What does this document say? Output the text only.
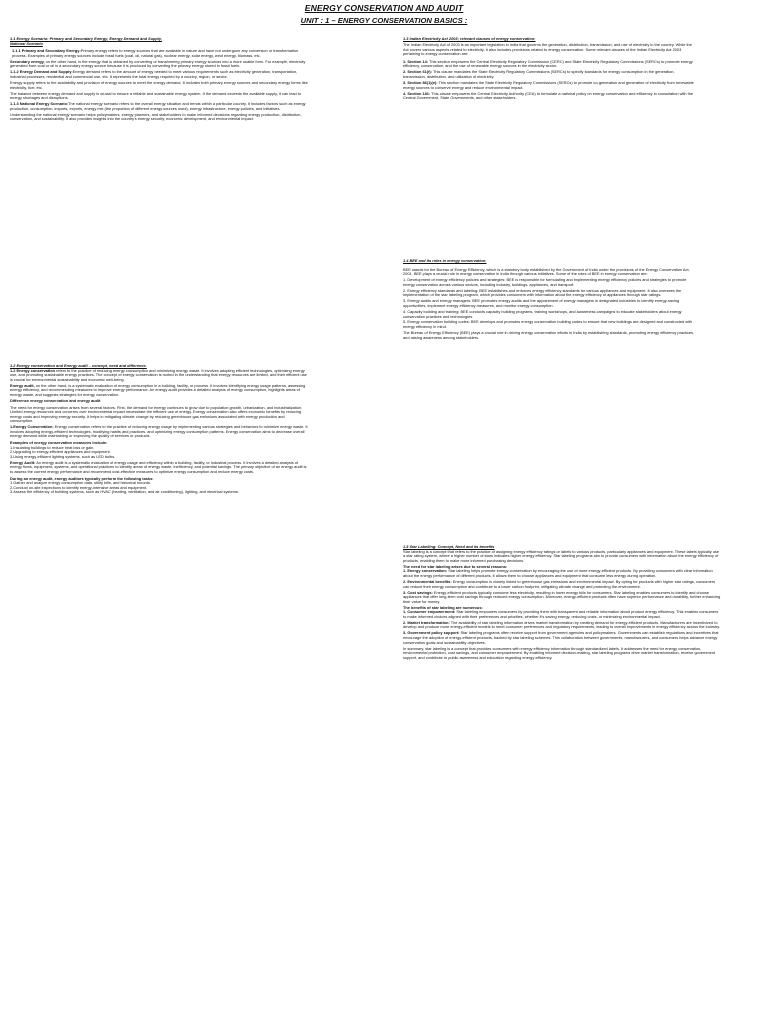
ENERGY CONSERVATION AND AUDIT
UNIT : 1 – ENERGY CONSERVATION BASICS :

1.1 Energy Scenario: Primary and Secondary Energy, Energy Demand and Supply,

National Scenario

1.1.1 Primary and Secondary Energy:Primary energy refers to energy sources that are available in nature and have not undergone any conversion or transformation process. Examples of primary energy sources include fossil fuels (coal, oil, natural gas), nuclear energy, solar energy, wind energy, biomass, etc.

Secondary energy, on the other hand, is the energy that is obtained by converting or transforming primary energy sources into a more usable form. For example, electricity generated from coal or oil is a secondary energy source because it is produced by converting the primary energy stored in fossil fuels.

1.1.2 Energy Demand and Supply:Energy demand refers to the amount of energy needed to meet various requirements such as electricity generation, transportation, industrial processes, residential and commercial use, etc. It represents the total energy required by a country, region, or sector.

Energy supply refers to the availability and provision of energy sources to meet the energy demand. It includes both primary energy sources and secondary energy forms like electricity, fuel, etc.

The balance between energy demand and supply is crucial to ensure a reliable and sustainable energy system. If the demand exceeds the available supply, it can lead to energy shortages and disruptions.

1.1.3 National Energy Scenario:The national energy scenario refers to the overall energy situation and trends within a particular country. It includes factors such as energy production, consumption, imports, exports, energy mix (the proportion of different energy sources used), energy infrastructure, energy policies, and initiatives.

Understanding the national energy scenario helps policymakers, energy planners, and stakeholders to make informed decisions regarding energy production, distribution, conservation, and sustainability. It also provides insights into the country's energy security, economic development, and environmental impact.

1.3 Indian Electricity Act 2003; relevant clauses of energy conservation:

The Indian Electricity Act of 2003 is an important legislation in India that governs the generation, distribution, transmission, and use of electricity in the country. While the Act covers various aspects related to electricity, it also includes provisions related to energy conservation. Some relevant clauses of the Indian Electricity Act 2003 pertaining to energy conservation are:

1. Section 14: This section empowers the Central Electricity Regulatory Commission (CERC) and State Electricity Regulatory Commissions (SERCs) to promote energy efficiency, conservation, and the use of renewable energy sources in the electricity sector.

2. Section 61(f): This clause mandates the State Electricity Regulatory Commissions (SERCs) to specify standards for energy consumption in the generation, transmission, distribution, and utilization of electricity.

3. Section 86(1)(e): This section mandates the State Electricity Regulatory Commissions (SERCs) to promote co-generation and generation of electricity from renewable energy sources to conserve energy and reduce environmental impact.

4. Section 181: This clause empowers the Central Electricity Authority (CEA) to formulate a national policy on energy conservation and efficiency in consultation with the Central Government, State Governments, and other stakeholders.

1.4 BEE and its roles in energy conservation:

BEE stands for the Bureau of Energy Efficiency, which is a statutory body established by the Government of India under the provisions of the Energy Conservation Act, 2001. BEE plays a crucial role in energy conservation in India through various initiatives. Some of the roles of BEE in energy conservation are:

1. Development of energy efficiency policies and strategies: BEE is responsible for formulating and implementing energy efficiency policies and strategies to promote energy conservation across various sectors, including industry, buildings, appliances, and transport.

2. Energy efficiency standards and labeling: BEE establishes and enforces energy efficiency standards for various appliances and equipment. It also oversees the implementation of the star labeling program, which provides consumers with information about the energy efficiency of appliances through star ratings.

3. Energy audits and energy managers: BEE promotes energy audits and the appointment of energy managers in designated industries to identify energy-saving opportunities, implement energy efficiency measures, and monitor energy consumption.

4. Capacity building and training: BEE conducts capacity building programs, training workshops, and awareness campaigns to educate stakeholders about energy conservation practices and technologies.

5. Energy conservation building codes: BEE develops and promotes energy conservation building codes to ensure that new buildings are designed and constructed with energy efficiency in mind.

The Bureau of Energy Efficiency (BEE) plays a crucial role in driving energy conservation efforts in India by establishing standards, promoting energy efficiency practices, and raising awareness among stakeholders.

1.2 Energy conservation and Energy audit – concept, need and difference.

1.2 Energy conservation refers to the practice of reducing energy consumption and minimizing energy waste. It involves adopting efficient technologies, optimizing energy use, and promoting sustainable energy practices. The concept of energy conservation is rooted in the understanding that energy resources are limited, and their efficient use is crucial for environmental sustainability and economic well-being.

Energy audit, on the other hand, is a systematic evaluation of energy consumption in a building, facility, or process. It involves identifying energy usage patterns, assessing energy efficiency, and recommending measures to improve energy performance. An energy audit provides a detailed analysis of energy consumption, highlights areas of energy waste, and suggests strategies for energy conservation.

Difference energy conservation and energy audit

The need for energy conservation arises from several factors. First, the demand for energy continues to grow due to population growth, urbanization, and industrialization. Limited energy resources and concerns over environmental impact necessitate the efficient use of energy. Energy conservation also offers economic benefits by reducing energy costs and improving energy security. It helps in mitigating climate change by reducing greenhouse gas emissions associated with energy production and consumption.

1.Energy Conservation: Energy conservation refers to the practice of reducing energy usage by implementing various strategies and behaviors to minimize energy waste. It involves adopting energy-efficient technologies, modifying habits and practices, and optimizing energy consumption patterns. Energy conservation aims to decrease overall energy demand while maintaining or improving the quality of services or products.

Examples of energy conservation measures include:

1.Insulating buildings to reduce heat loss or gain.
2.Upgrading to energy-efficient appliances and equipment.
3.Using energy-efficient lighting systems, such as LED bulbs.

Energy Audit: An energy audit is a systematic evaluation of energy usage and efficiency within a building, facility, or industrial process. It involves a detailed analysis of energy flows, equipment, systems, and operational practices to identify areas of energy waste, inefficiency, and potential savings. The primary objective of an energy audit is to assess the current energy performance and recommend cost-effective measures to optimize energy consumption and reduce energy costs.

During an energy audit, energy auditors typically perform the following tasks:

1.Gather and analyze energy consumption data, utility bills, and historical records.
2.Conduct on-site inspections to identify energy-intensive areas and equipment.
3.Assess the efficiency of building systems, such as HVAC (heating, ventilation, and air conditioning), lighting, and electrical systems.

1.5 Star Labelling: Concept, Need and its benefits

Star labeling is a concept that refers to the practice of assigning energy efficiency ratings or labels to various products, particularly appliances and equipment. These labels typically use a star rating system, where a higher number of stars indicates higher energy efficiency. Star labeling programs aim to provide consumers with information about the energy efficiency of products, enabling them to make more informed purchasing decisions.

The need for star labeling arises due to several reasons:

1. Energy conservation: Star labeling helps promote energy conservation by encouraging the use of more energy-efficient products. By providing consumers with clear information about the energy performance of different products, it allows them to choose appliances and equipment that consume less energy during operation.

2. Environmental benefits: Energy consumption is closely linked to greenhouse gas emissions and environmental impact. By opting for products with higher star ratings, consumers can reduce their energy consumption and contribute to a lower carbon footprint, mitigating climate change and protecting the environment.

3. Cost savings: Energy-efficient products typically consume less electricity, resulting in lower energy bills for consumers. Star labeling enables consumers to identify and choose appliances that offer long-term cost savings through reduced energy consumption. Moreover, energy-efficient products often have superior performance and durability, further enhancing their value for money.

The benefits of star labeling are numerous:

1. Consumer empowerment: Star labeling empowers consumers by providing them with transparent and reliable information about product energy efficiency. This enables consumers to make informed choices aligned with their preferences and priorities, whether it's saving energy, reducing costs, or minimizing environmental impact.

2. Market transformation: The availability of star labeling information drives market transformation by creating demand for energy-efficient products. Manufacturers are incentivized to develop and produce more energy-efficient models to meet consumer preferences and regulatory requirements, leading to overall improvements in energy efficiency across the industry.

3. Government policy support: Star labeling programs often receive support from government agencies and policymakers. Governments can establish regulations and incentives that encourage the adoption of energy-efficient products, backed by star labeling schemes. This collaboration between governments, manufacturers, and consumers helps advance energy conservation goals and sustainability objectives.

In summary, star labeling is a concept that provides consumers with energy efficiency information through standardized labels. It addresses the need for energy conservation, environmental protection, cost savings, and consumer empowerment. By enabling informed decision-making, star labeling programs drive market transformation, receive government support, and contribute to public awareness and education regarding energy efficiency.
